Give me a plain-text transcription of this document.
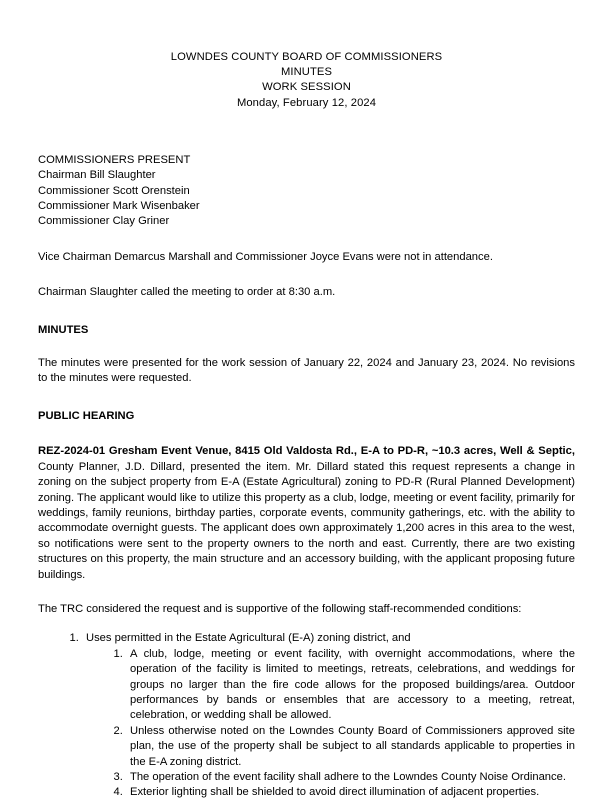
LOWNDES COUNTY BOARD OF COMMISSIONERS
MINUTES
WORK SESSION
Monday, February 12, 2024
COMMISSIONERS PRESENT
Chairman Bill Slaughter
Commissioner Scott Orenstein
Commissioner Mark Wisenbaker
Commissioner Clay Griner
Vice Chairman Demarcus Marshall and Commissioner Joyce Evans were not in attendance.
Chairman Slaughter called the meeting to order at 8:30 a.m.
MINUTES
The minutes were presented for the work session of January 22, 2024 and January 23, 2024. No revisions to the minutes were requested.
PUBLIC HEARING
REZ-2024-01 Gresham Event Venue, 8415 Old Valdosta Rd., E-A to PD-R, ~10.3 acres, Well & Septic, County Planner, J.D. Dillard, presented the item. Mr. Dillard stated this request represents a change in zoning on the subject property from E-A (Estate Agricultural) zoning to PD-R (Rural Planned Development) zoning. The applicant would like to utilize this property as a club, lodge, meeting or event facility, primarily for weddings, family reunions, birthday parties, corporate events, community gatherings, etc. with the ability to accommodate overnight guests. The applicant does own approximately 1,200 acres in this area to the west, so notifications were sent to the property owners to the north and east. Currently, there are two existing structures on this property, the main structure and an accessory building, with the applicant proposing future buildings.
The TRC considered the request and is supportive of the following staff-recommended conditions:
1. Uses permitted in the Estate Agricultural (E-A) zoning district, and
1. A club, lodge, meeting or event facility, with overnight accommodations, where the operation of the facility is limited to meetings, retreats, celebrations, and weddings for groups no larger than the fire code allows for the proposed buildings/area. Outdoor performances by bands or ensembles that are accessory to a meeting, retreat, celebration, or wedding shall be allowed.
2. Unless otherwise noted on the Lowndes County Board of Commissioners approved site plan, the use of the property shall be subject to all standards applicable to properties in the E-A zoning district.
3. The operation of the event facility shall adhere to the Lowndes County Noise Ordinance.
4. Exterior lighting shall be shielded to avoid direct illumination of adjacent properties.
